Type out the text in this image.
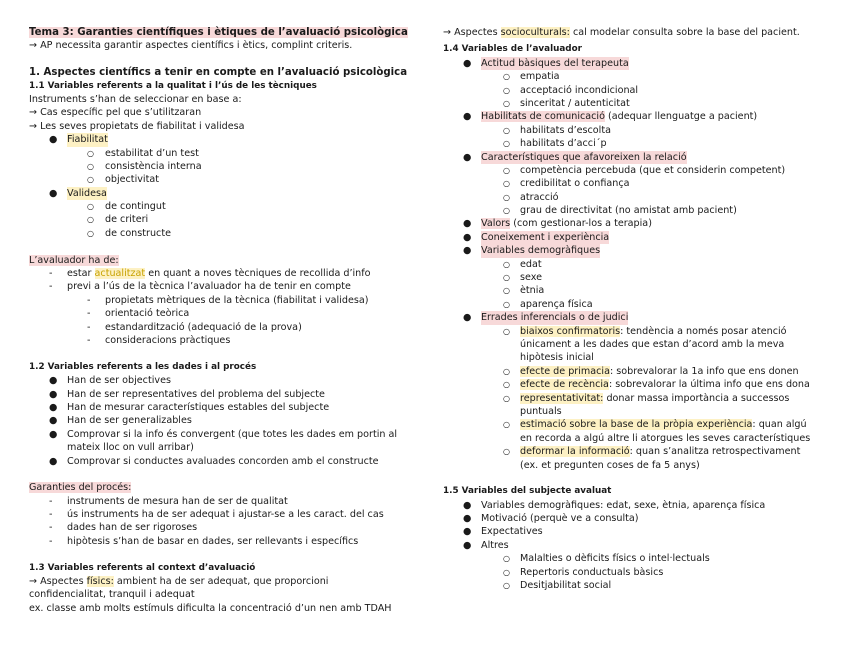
Tema 3: Garanties científiques i ètiques de l’avaluació psicològica
→ AP necessita garantir aspectes científics i ètics, complint criteris.
1. Aspectes científics a tenir en compte en l’avaluació psicològica
1.1 Variables referents a la qualitat i l’ús de les tècniques
Instruments s’han de seleccionar en base a:
→ Cas específic pel que s’utilitzaran
→ Les seves propietats de fiabilitat i validesa
● Fiabilitat
○ estabilitat d’un test
○ consistència interna
○ objectivitat
● Validesa
○ de contingut
○ de criteri
○ de constructe
L’avaluador ha de:
- estar actualitzat en quant a noves tècniques de recollida d’info
- previ a l’ús de la tècnica l’avaluador ha de tenir en compte
- propietats mètriques de la tècnica (fiabilitat i validesa)
- orientació teòrica
- estandardització (adequació de la prova)
- consideracions pràctiques
1.2 Variables referents a les dades i al procés
● Han de ser objectives
● Han de ser representatives del problema del subjecte
● Han de mesurar característiques estables del subjecte
● Han de ser generalizables
● Comprovar si la info és convergent (que totes les dades em portin al
mateix lloc on vull arribar)
● Comprovar si conductes avaluades concorden amb el constructe
Garanties del procés:
- instruments de mesura han de ser de qualitat
- ús instruments ha de ser adequat i ajustar-se a les caract. del cas
- dades han de ser rigoroses
- hipòtesis s’han de basar en dades, ser rellevants i específics
1.3 Variables referents al context d’avaluació
→ Aspectes físics: ambient ha de ser adequat, que proporcioni
confidencialitat, tranquil i adequat
ex. classe amb molts estímuls dificulta la concentració d’un nen amb TDAH
→ Aspectes socioculturals: cal modelar consulta sobre la base del pacient.
1.4 Variables de l’avaluador
● Actitud bàsiques del terapeuta
○ empatia
○ acceptació incondicional
○ sinceritat / autenticitat
● Habilitats de comunicació (adequar llenguatge a pacient)
○ habilitats d’escolta
○ habilitats d’acci´p
● Característiques que afavoreixen la relació
○ competència percebuda (que et considerin competent)
○ credibilitat o confiança
○ atracció
○ grau de directivitat (no amistat amb pacient)
● Valors (com gestionar-los a terapia)
● Coneixement i experiència
● Variables demogràfiques
○ edat
○ sexe
○ ètnia
○ aparença física
● Errades inferencials o de judici
○ biaixos confirmatoris: tendència a només posar atenció
únicament a les dades que estan d’acord amb la meva
hipòtesis inicial
○ efecte de primacia: sobrevalorar la 1a info que ens donen
○ efecte de recència: sobrevalorar la última info que ens dona
○ representativitat: donar massa importància a successos
puntuals
○ estimació sobre la base de la pròpia experiència: quan algú
en recorda a algú altre li atorgues les seves característiques
○ deformar la informació: quan s’analitza retrospectivament
(ex. et pregunten coses de fa 5 anys)
1.5 Variables del subjecte avaluat
● Variables demogràfiques: edat, sexe, ètnia, aparença física
● Motivació (perquè ve a consulta)
● Expectatives
● Altres
○ Malalties o dèficits físics o intel·lectuals
○ Repertoris conductuals bàsics
○ Desitjabilitat social
